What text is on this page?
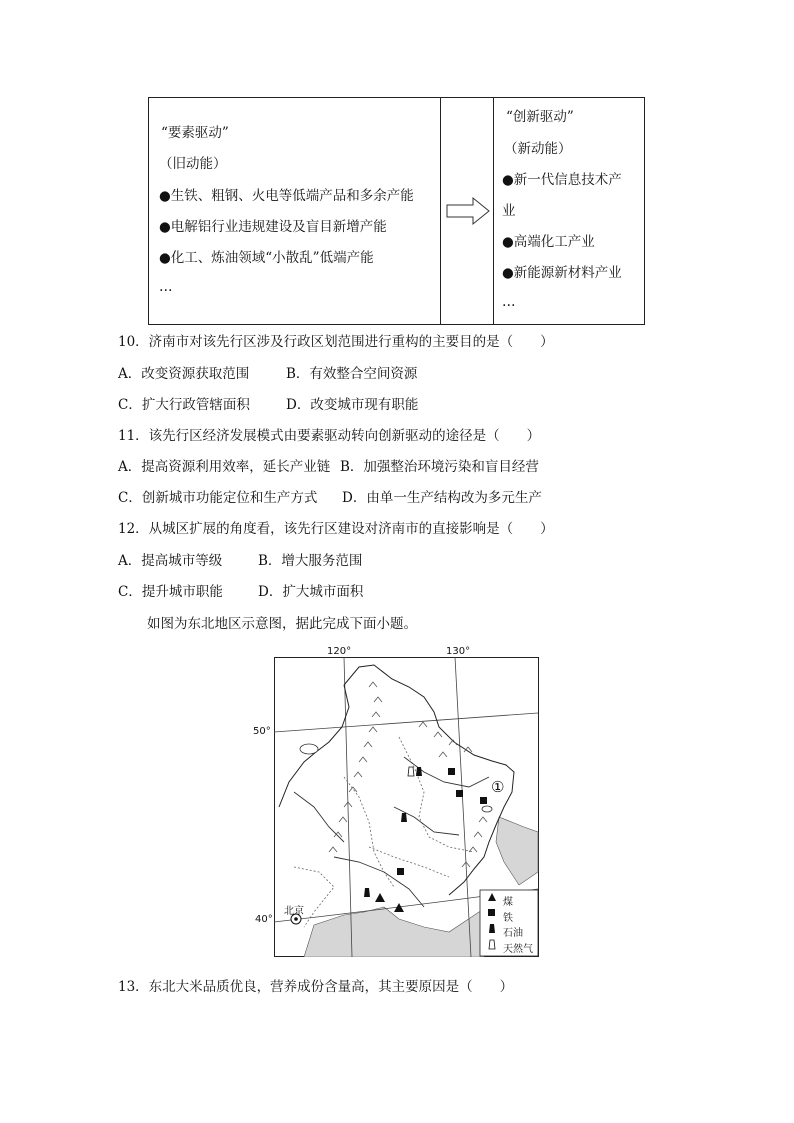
“要素驱动”
（旧动能）
●生铁、粗钢、火电等低端产品和多余产能
●电解铝行业违规建设及盲目新增产能
●化工、炼油领域“小散乱”低端产能
…
“创新驱动”
（新动能）
●新一代信息技术产
业
●高端化工产业
●新能源新材料产业
…
10．济南市对该先行区涉及行政区划范围进行重构的主要目的是（　　）
A．改变资源获取范围	B．有效整合空间资源
C．扩大行政管辖面积	D．改变城市现有职能
11．该先行区经济发展模式由要素驱动转向创新驱动的途径是（　　）
A．提高资源利用效率，延长产业链 B．加强整治环境污染和盲目经营
C．创新城市功能定位和生产方式 D．由单一生产结构改为多元生产
12．从城区扩展的角度看，该先行区建设对济南市的直接影响是（　　）
A．提高城市等级	B．增大服务范围
C．提升城市职能	D．扩大城市面积
如图为东北地区示意图，据此完成下面小题。
120°	130°
50°
40°
北京
①
煤
铁
石油
天然气
13．东北大米品质优良，营养成份含量高，其主要原因是（　　）
